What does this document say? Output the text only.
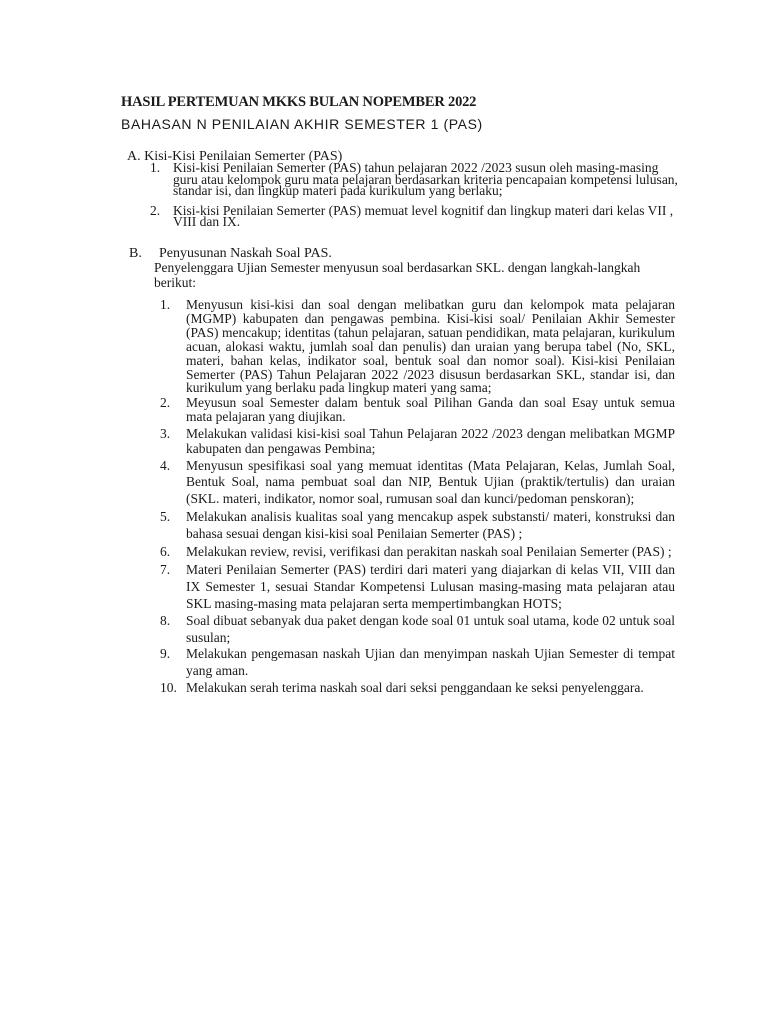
HASIL PERTEMUAN MKKS BULAN NOPEMBER 2022
BAHASAN N PENILAIAN AKHIR SEMESTER 1 (PAS)
A. Kisi-Kisi Penilaian Semerter (PAS)
1. Kisi-kisi Penilaian Semerter (PAS) tahun pelajaran 2022 /2023 susun oleh masing-masing guru atau kelompok guru mata pelajaran berdasarkan kriteria pencapaian kompetensi lulusan, standar isi, dan lingkup materi pada kurikulum yang berlaku;
2. Kisi-kisi Penilaian Semerter (PAS) memuat level kognitif dan lingkup materi dari kelas VII , VIII dan IX.
B. Penyusunan Naskah Soal PAS.
Penyelenggara Ujian Semester menyusun soal berdasarkan SKL. dengan langkah-langkah berikut:
1. Menyusun kisi-kisi dan soal dengan melibatkan guru dan kelompok mata pelajaran (MGMP) kabupaten dan pengawas pembina. Kisi-kisi soal/ Penilaian Akhir Semester (PAS) mencakup; identitas (tahun pelajaran, satuan pendidikan, mata pelajaran, kurikulum acuan, alokasi waktu, jumlah soal dan penulis) dan uraian yang berupa tabel (No, SKL, materi, bahan kelas, indikator soal, bentuk soal dan nomor soal). Kisi-kisi Penilaian Semerter (PAS) Tahun Pelajaran 2022 /2023 disusun berdasarkan SKL, standar isi, dan kurikulum yang berlaku pada lingkup materi yang sama;
2. Meyusun soal Semester dalam bentuk soal Pilihan Ganda dan soal Esay untuk semua mata pelajaran yang diujikan.
3. Melakukan validasi kisi-kisi soal Tahun Pelajaran 2022 /2023 dengan melibatkan MGMP kabupaten dan pengawas Pembina;
4. Menyusun spesifikasi soal yang memuat identitas (Mata Pelajaran, Kelas, Jumlah Soal, Bentuk Soal, nama pembuat soal dan NIP, Bentuk Ujian (praktik/tertulis) dan uraian (SKL. materi, indikator, nomor soal, rumusan soal dan kunci/pedoman penskoran);
5. Melakukan analisis kualitas soal yang mencakup aspek substansti/ materi, konstruksi dan bahasa sesuai dengan kisi-kisi soal Penilaian Semerter (PAS) ;
6. Melakukan review, revisi, verifikasi dan perakitan naskah soal Penilaian Semerter (PAS) ;
7. Materi Penilaian Semerter (PAS) terdiri dari materi yang diajarkan di kelas VII, VIII dan IX Semester 1, sesuai Standar Kompetensi Lulusan masing-masing mata pelajaran atau SKL masing-masing mata pelajaran serta mempertimbangkan HOTS;
8. Soal dibuat sebanyak dua paket dengan kode soal 01 untuk soal utama, kode 02 untuk soal susulan;
9. Melakukan pengemasan naskah Ujian dan menyimpan naskah Ujian Semester di tempat yang aman.
10. Melakukan serah terima naskah soal dari seksi penggandaan ke seksi penyelenggara.
